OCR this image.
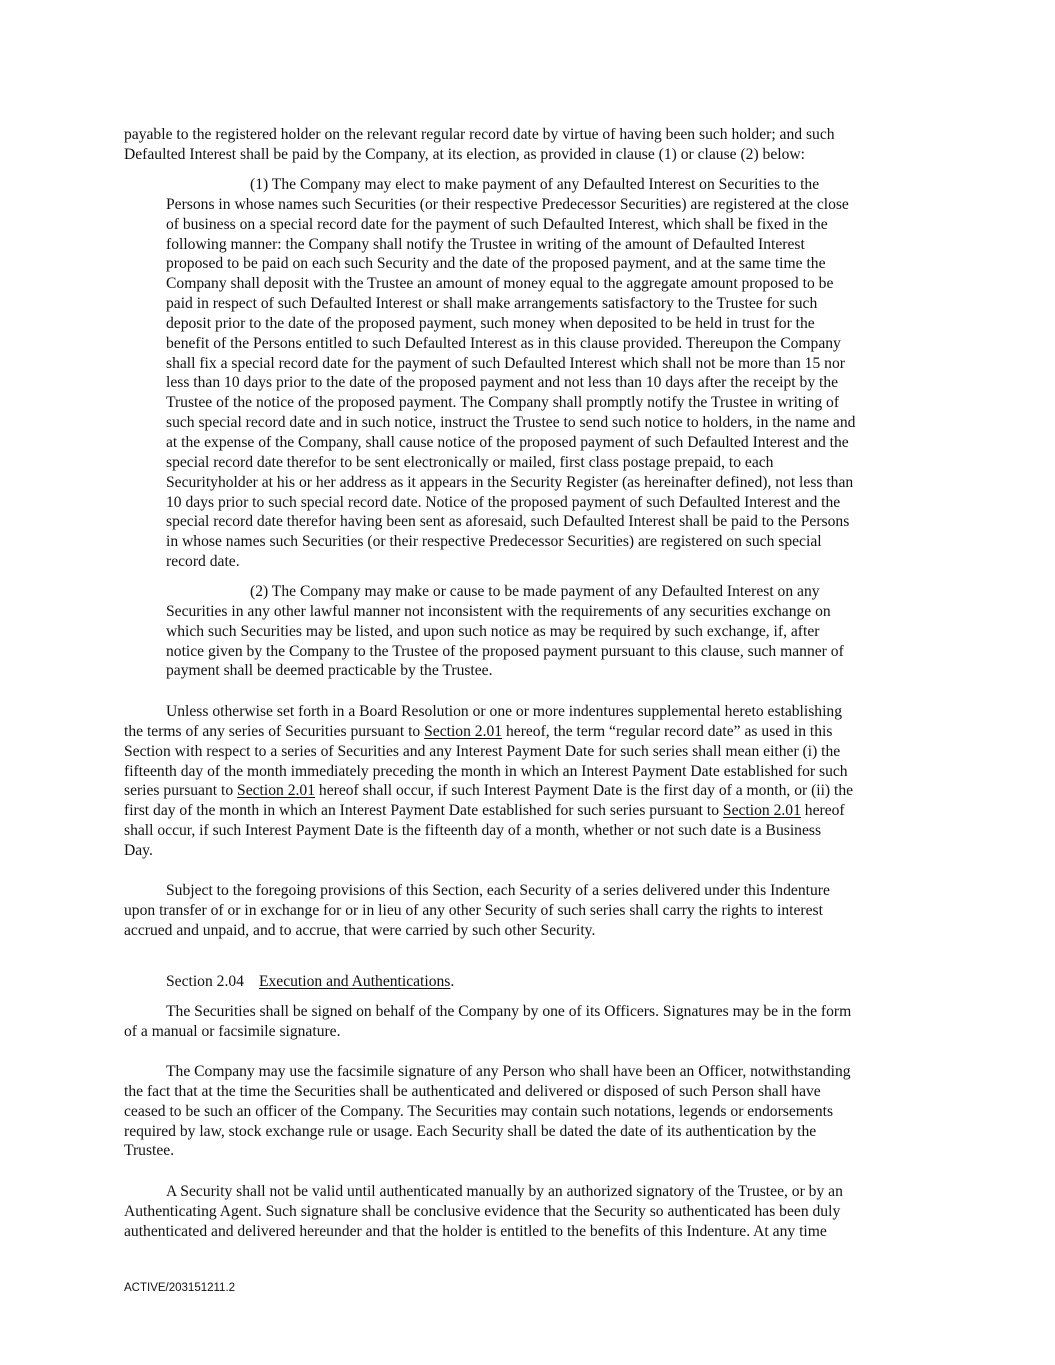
payable to the registered holder on the relevant regular record date by virtue of having been such holder; and such
Defaulted Interest shall be paid by the Company, at its election, as provided in clause (1) or clause (2) below:

(1) The Company may elect to make payment of any Defaulted Interest on Securities to the
Persons in whose names such Securities (or their respective Predecessor Securities) are registered at the close
of business on a special record date for the payment of such Defaulted Interest, which shall be fixed in the
following manner: the Company shall notify the Trustee in writing of the amount of Defaulted Interest
proposed to be paid on each such Security and the date of the proposed payment, and at the same time the
Company shall deposit with the Trustee an amount of money equal to the aggregate amount proposed to be
paid in respect of such Defaulted Interest or shall make arrangements satisfactory to the Trustee for such
deposit prior to the date of the proposed payment, such money when deposited to be held in trust for the
benefit of the Persons entitled to such Defaulted Interest as in this clause provided. Thereupon the Company
shall fix a special record date for the payment of such Defaulted Interest which shall not be more than 15 nor
less than 10 days prior to the date of the proposed payment and not less than 10 days after the receipt by the
Trustee of the notice of the proposed payment. The Company shall promptly notify the Trustee in writing of
such special record date and in such notice, instruct the Trustee to send such notice to holders, in the name and
at the expense of the Company, shall cause notice of the proposed payment of such Defaulted Interest and the
special record date therefor to be sent electronically or mailed, first class postage prepaid, to each
Securityholder at his or her address as it appears in the Security Register (as hereinafter defined), not less than
10 days prior to such special record date. Notice of the proposed payment of such Defaulted Interest and the
special record date therefor having been sent as aforesaid, such Defaulted Interest shall be paid to the Persons
in whose names such Securities (or their respective Predecessor Securities) are registered on such special
record date.

(2) The Company may make or cause to be made payment of any Defaulted Interest on any
Securities in any other lawful manner not inconsistent with the requirements of any securities exchange on
which such Securities may be listed, and upon such notice as may be required by such exchange, if, after
notice given by the Company to the Trustee of the proposed payment pursuant to this clause, such manner of
payment shall be deemed practicable by the Trustee.

Unless otherwise set forth in a Board Resolution or one or more indentures supplemental hereto establishing
the terms of any series of Securities pursuant to Section 2.01 hereof, the term “regular record date” as used in this
Section with respect to a series of Securities and any Interest Payment Date for such series shall mean either (i) the
fifteenth day of the month immediately preceding the month in which an Interest Payment Date established for such
series pursuant to Section 2.01 hereof shall occur, if such Interest Payment Date is the first day of a month, or (ii) the
first day of the month in which an Interest Payment Date established for such series pursuant to Section 2.01 hereof
shall occur, if such Interest Payment Date is the fifteenth day of a month, whether or not such date is a Business
Day.

Subject to the foregoing provisions of this Section, each Security of a series delivered under this Indenture
upon transfer of or in exchange for or in lieu of any other Security of such series shall carry the rights to interest
accrued and unpaid, and to accrue, that were carried by such other Security.

Section 2.04 Execution and Authentications.

The Securities shall be signed on behalf of the Company by one of its Officers. Signatures may be in the form
of a manual or facsimile signature.

The Company may use the facsimile signature of any Person who shall have been an Officer, notwithstanding
the fact that at the time the Securities shall be authenticated and delivered or disposed of such Person shall have
ceased to be such an officer of the Company. The Securities may contain such notations, legends or endorsements
required by law, stock exchange rule or usage. Each Security shall be dated the date of its authentication by the
Trustee.

A Security shall not be valid until authenticated manually by an authorized signatory of the Trustee, or by an
Authenticating Agent. Such signature shall be conclusive evidence that the Security so authenticated has been duly
authenticated and delivered hereunder and that the holder is entitled to the benefits of this Indenture. At any time

ACTIVE/203151211.2
